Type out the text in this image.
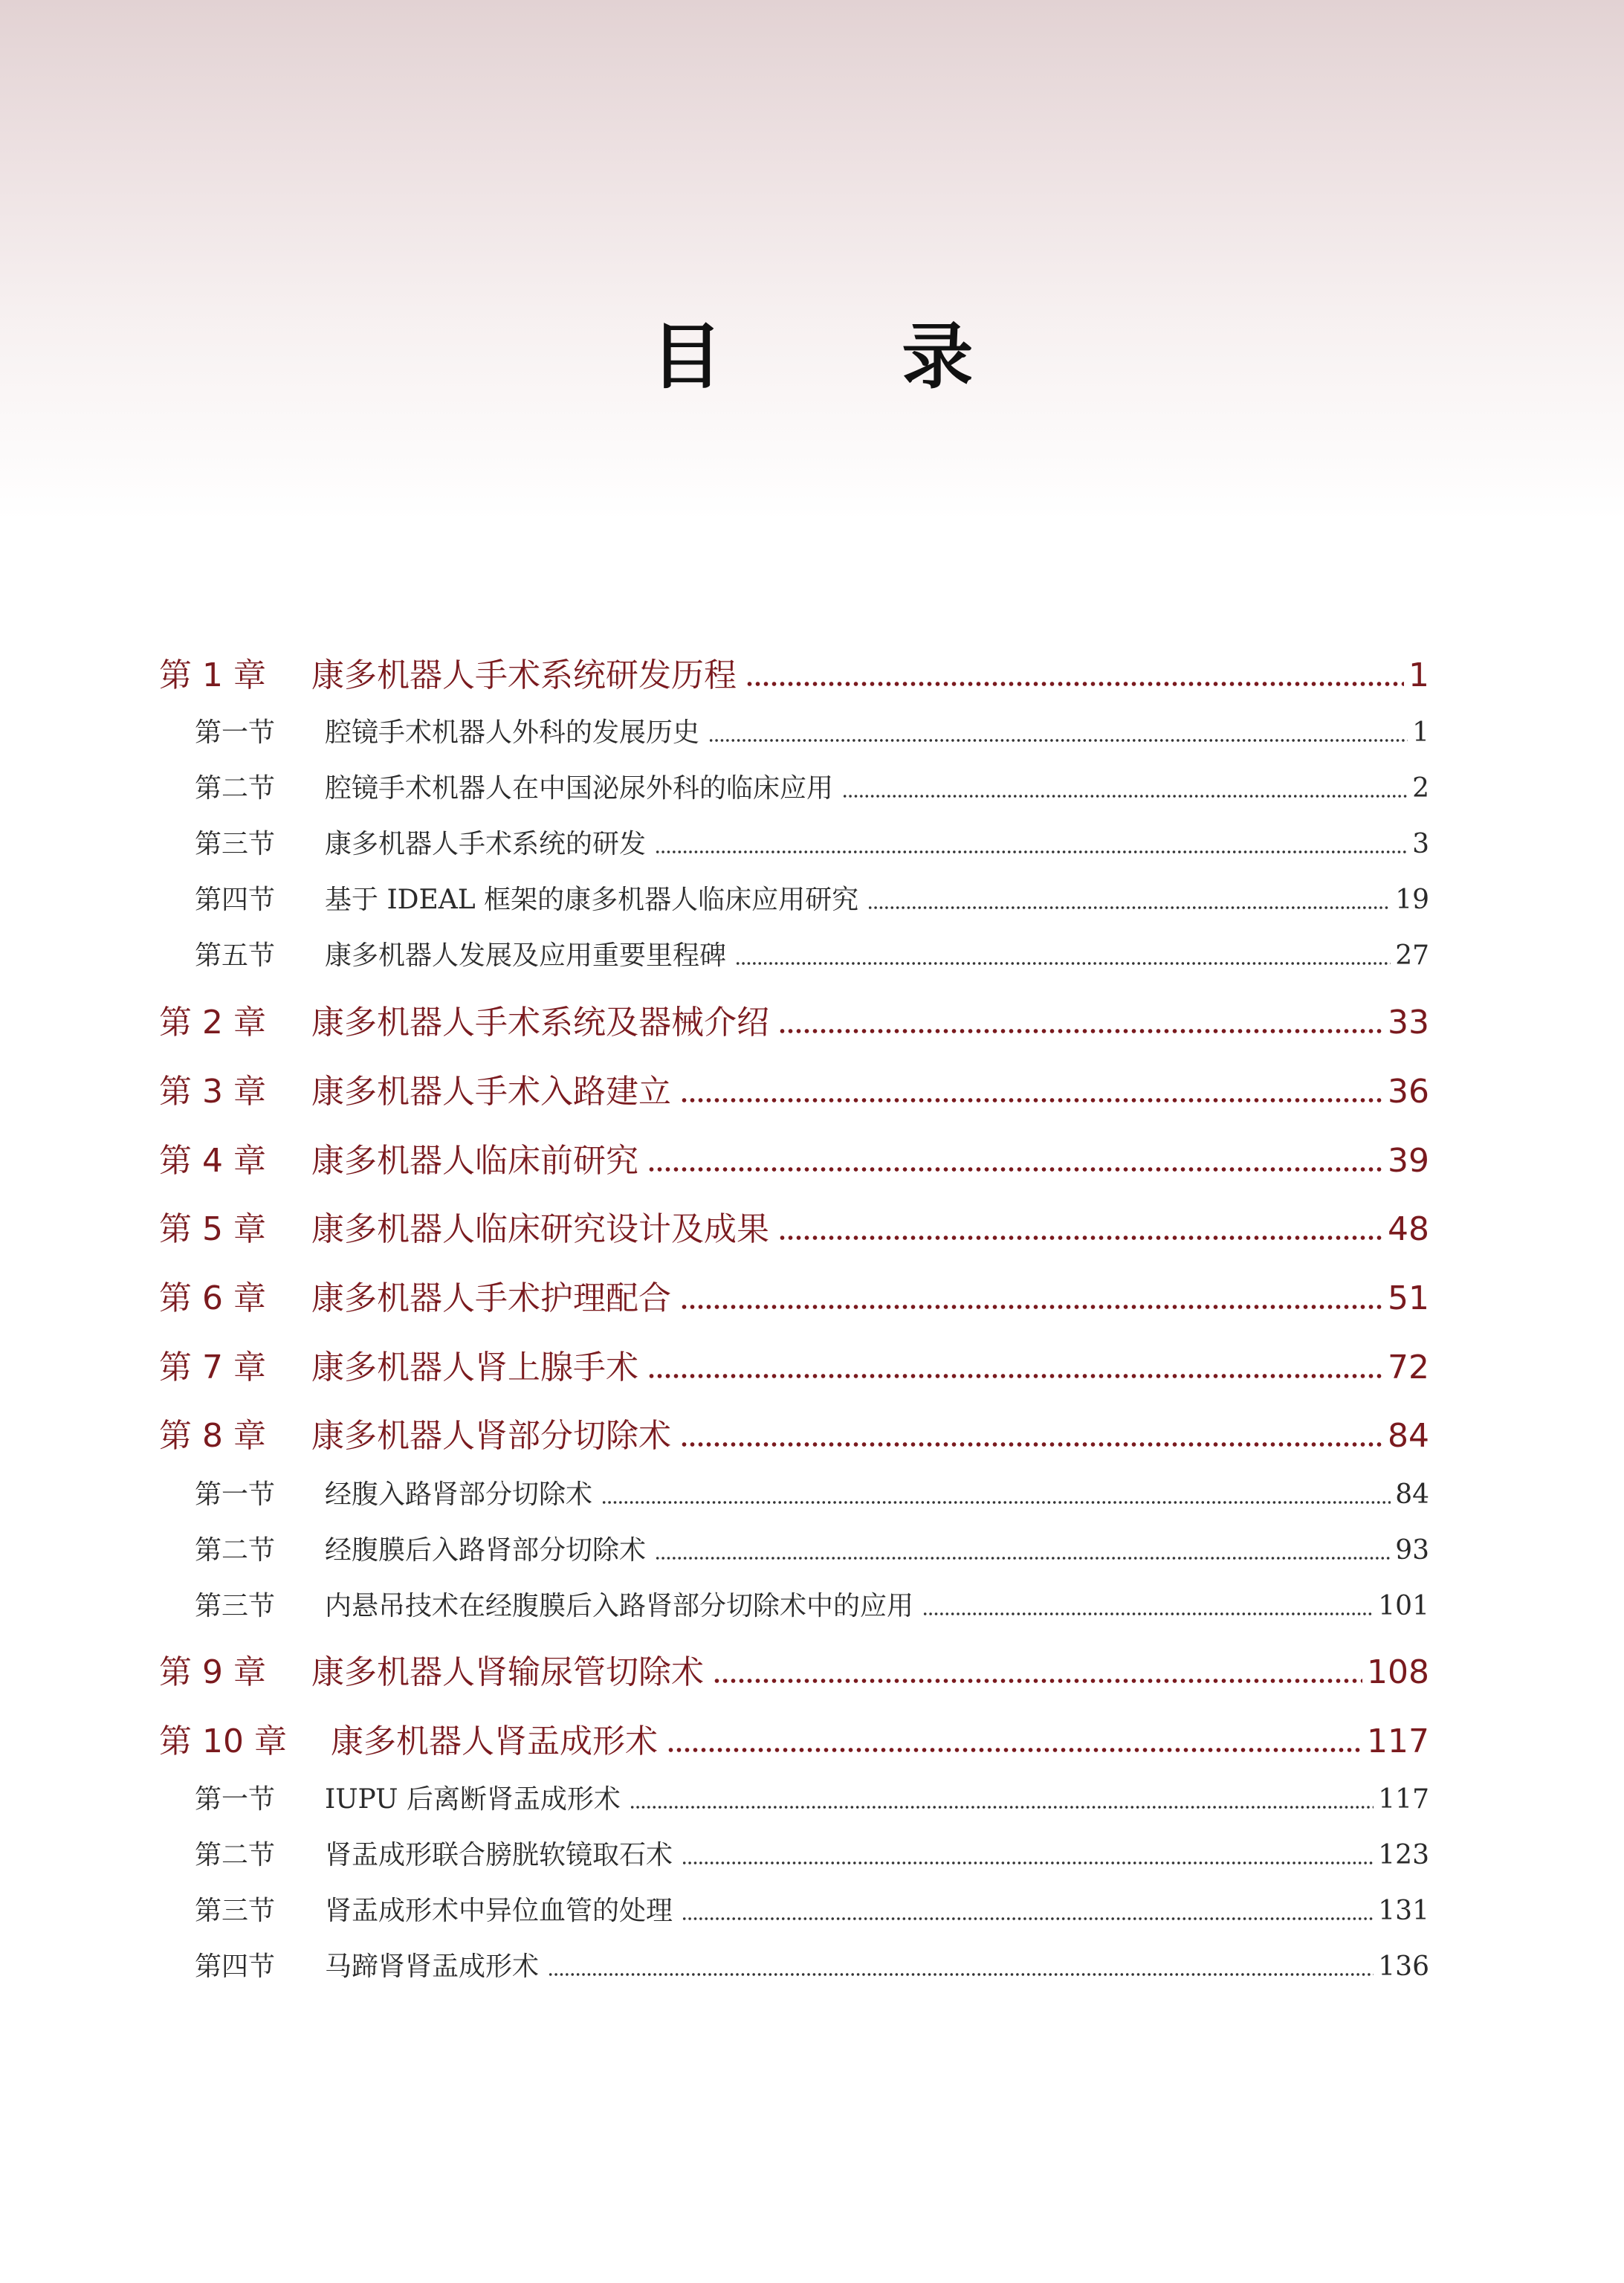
目 录
第 1 章	康多机器人手术系统研发历程	1
第一节	腔镜手术机器人外科的发展历史	1
第二节	腔镜手术机器人在中国泌尿外科的临床应用	2
第三节	康多机器人手术系统的研发	3
第四节	基于 IDEAL 框架的康多机器人临床应用研究	19
第五节	康多机器人发展及应用重要里程碑	27
第 2 章	康多机器人手术系统及器械介绍	33
第 3 章	康多机器人手术入路建立	36
第 4 章	康多机器人临床前研究	39
第 5 章	康多机器人临床研究设计及成果	48
第 6 章	康多机器人手术护理配合	51
第 7 章	康多机器人肾上腺手术	72
第 8 章	康多机器人肾部分切除术	84
第一节	经腹入路肾部分切除术	84
第二节	经腹膜后入路肾部分切除术	93
第三节	内悬吊技术在经腹膜后入路肾部分切除术中的应用	101
第 9 章	康多机器人肾输尿管切除术	108
第 10 章	康多机器人肾盂成形术	117
第一节	IUPU 后离断肾盂成形术	117
第二节	肾盂成形联合膀胱软镜取石术	123
第三节	肾盂成形术中异位血管的处理	131
第四节	马蹄肾肾盂成形术	136
